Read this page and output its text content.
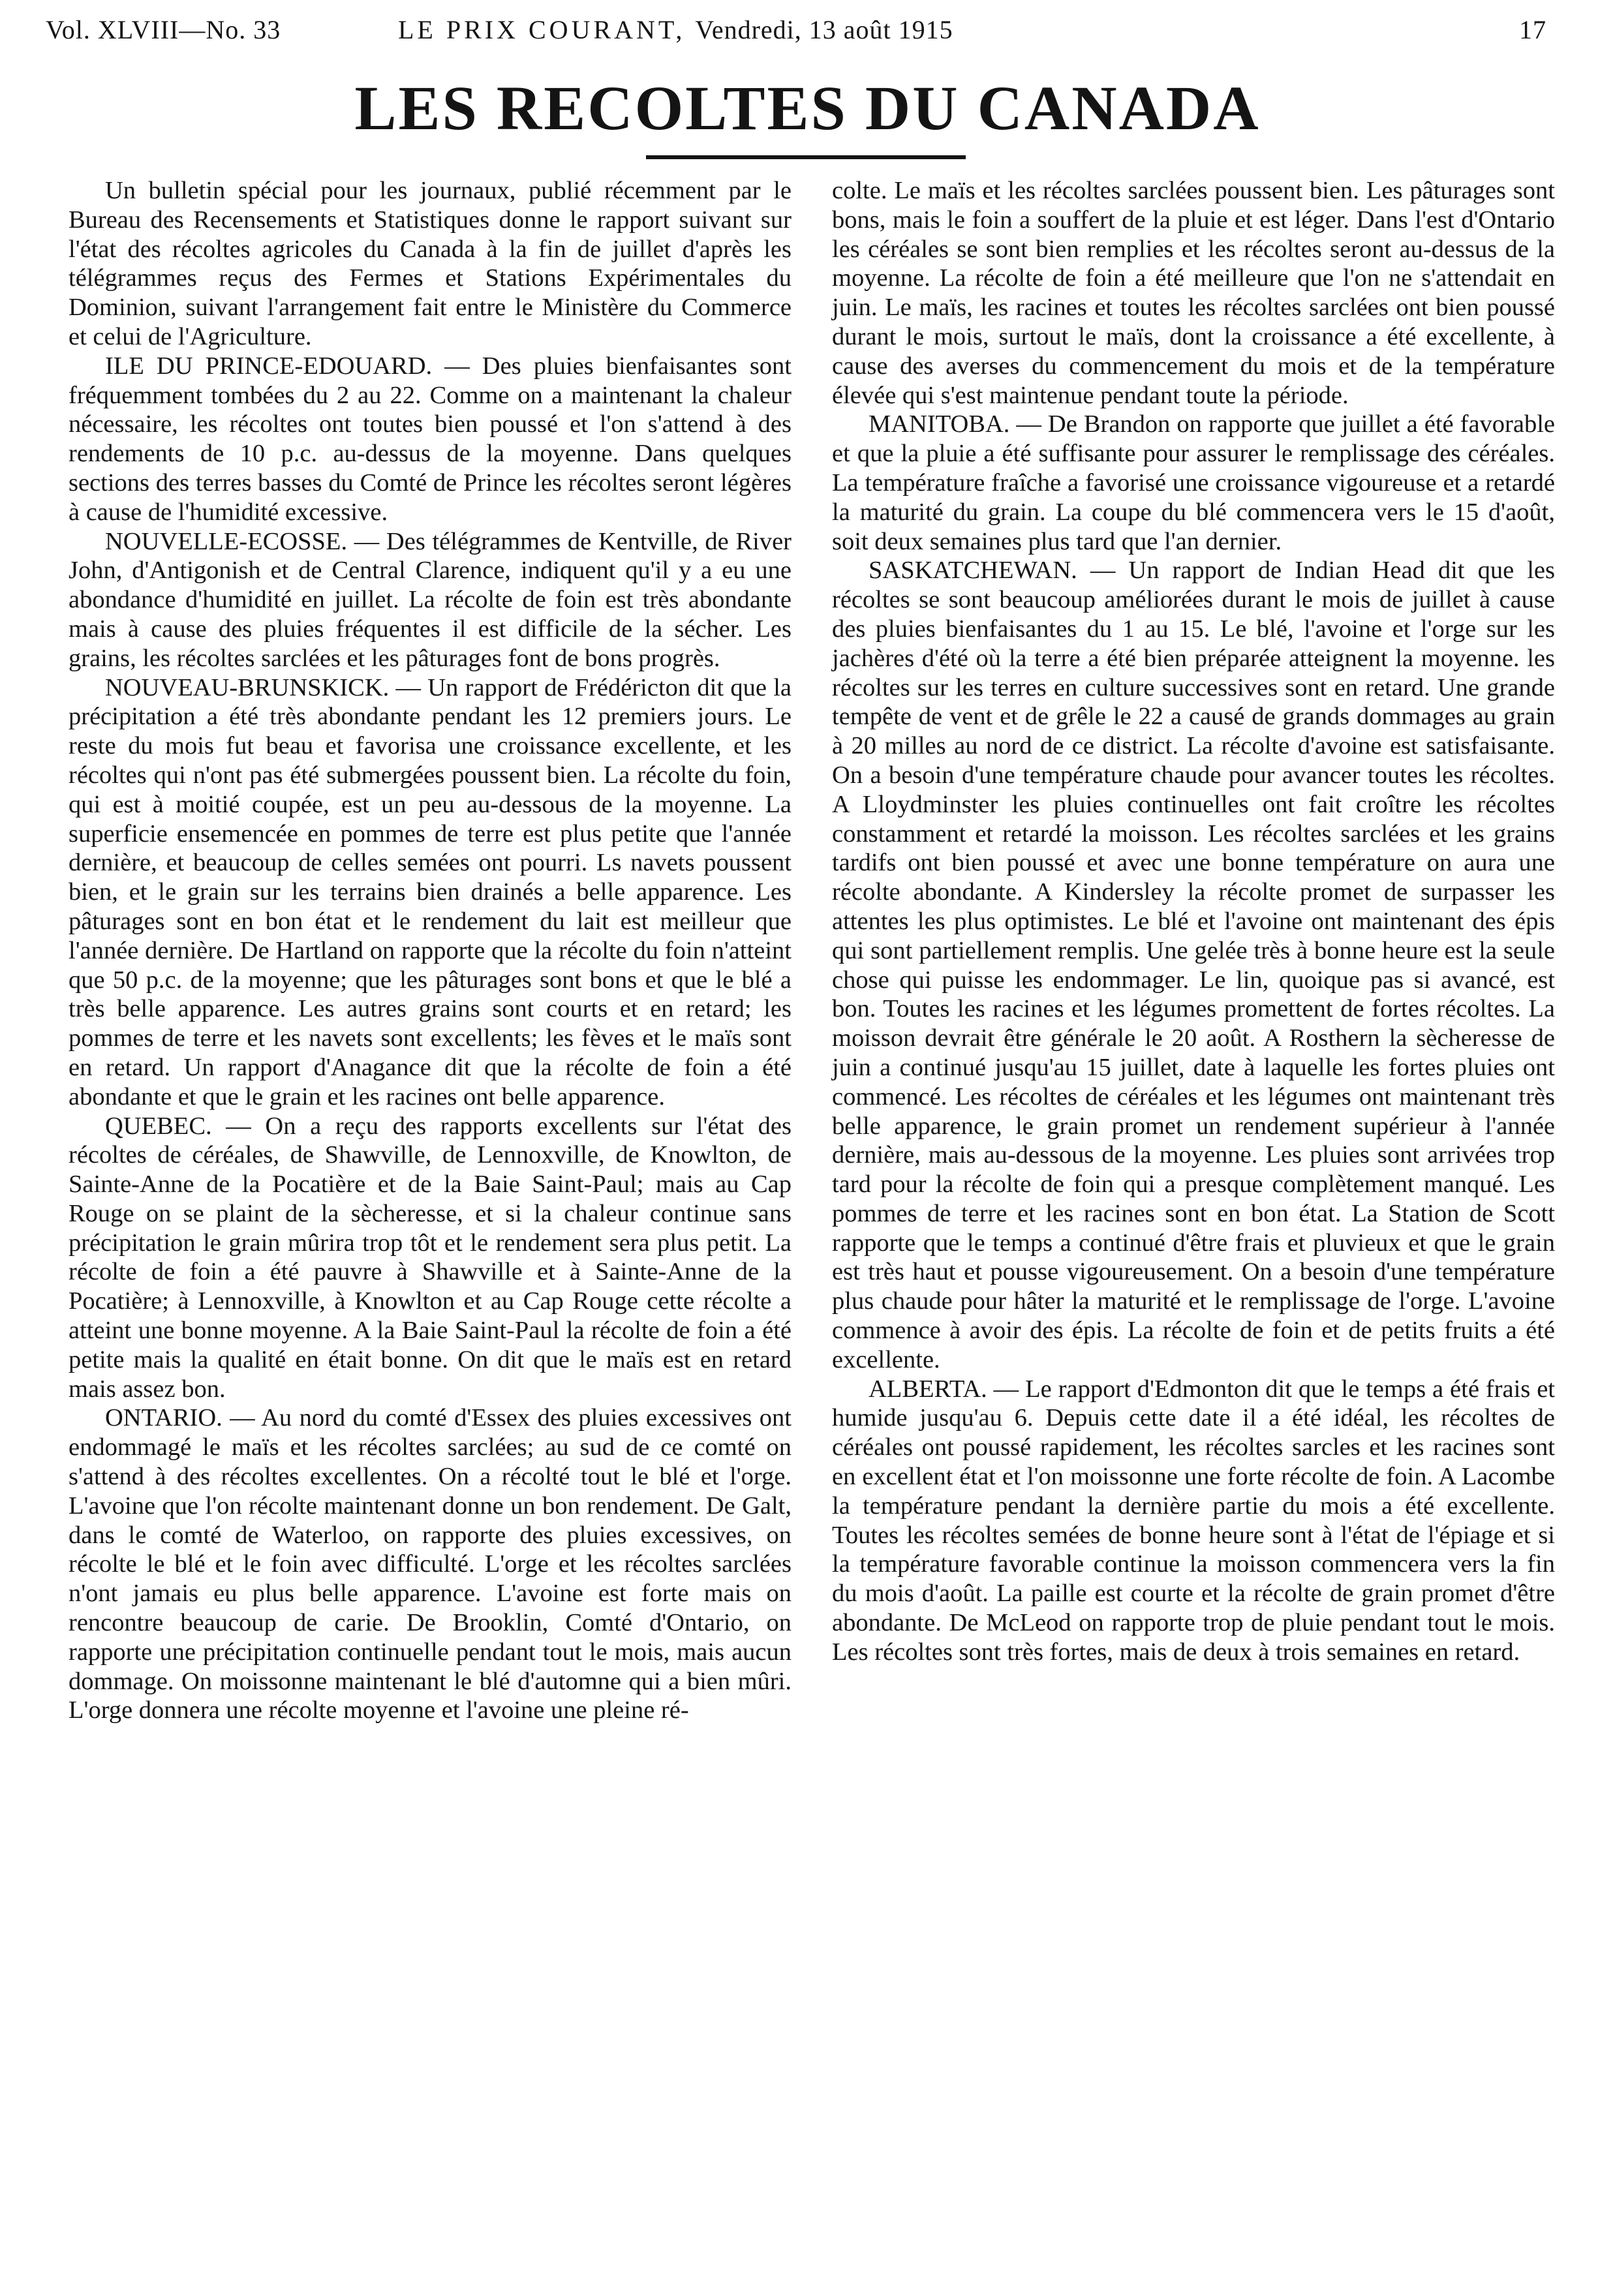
Vol. XLVIII—No. 33	LE PRIX COURANT, Vendredi, 13 août 1915	17
LES RECOLTES DU CANADA

Un bulletin spécial pour les journaux, publié récemment par le Bureau des Recensements et Statistiques donne le rapport suivant sur l'état des récoltes agricoles du Canada à la fin de juillet d'après les télégrammes reçus des Fermes et Stations Expérimentales du Dominion, suivant l'arrangement fait entre le Ministère du Commerce et celui de l'Agriculture.

ILE DU PRINCE-EDOUARD. — Des pluies bienfaisantes sont fréquemment tombées du 2 au 22. Comme on a maintenant la chaleur nécessaire, les récoltes ont toutes bien poussé et l'on s'attend à des rendements de 10 p.c. au-dessus de la moyenne. Dans quelques sections des terres basses du Comté de Prince les récoltes seront légères à cause de l'humidité excessive.

NOUVELLE-ECOSSE. — Des télégrammes de Kentville, de River John, d'Antigonish et de Central Clarence, indiquent qu'il y a eu une abondance d'humidité en juillet. La récolte de foin est très abondante mais à cause des pluies fréquentes il est difficile de la sécher. Les grains, les récoltes sarclées et les pâturages font de bons progrès.

NOUVEAU-BRUNSKICK. — Un rapport de Frédéricton dit que la précipitation a été très abondante pendant les 12 premiers jours. Le reste du mois fut beau et favorisa une croissance excellente, et les récoltes qui n'ont pas été submergées poussent bien. La récolte du foin, qui est à moitié coupée, est un peu au-dessous de la moyenne. La superficie ensemencée en pommes de terre est plus petite que l'année dernière, et beaucoup de celles semées ont pourri. Ls navets poussent bien, et le grain sur les terrains bien drainés a belle apparence. Les pâturages sont en bon état et le rendement du lait est meilleur que l'année dernière. De Hartland on rapporte que la récolte du foin n'atteint que 50 p.c. de la moyenne; que les pâturages sont bons et que le blé a très belle apparence. Les autres grains sont courts et en retard; les pommes de terre et les navets sont excellents; les fèves et le maïs sont en retard. Un rapport d'Anagance dit que la récolte de foin a été abondante et que le grain et les racines ont belle apparence.

QUEBEC. — On a reçu des rapports excellents sur l'état des récoltes de céréales, de Shawville, de Lennoxville, de Knowlton, de Sainte-Anne de la Pocatière et de la Baie Saint-Paul; mais au Cap Rouge on se plaint de la sècheresse, et si la chaleur continue sans précipitation le grain mûrira trop tôt et le rendement sera plus petit. La récolte de foin a été pauvre à Shawville et à Sainte-Anne de la Pocatière; à Lennoxville, à Knowlton et au Cap Rouge cette récolte a atteint une bonne moyenne. A la Baie Saint-Paul la récolte de foin a été petite mais la qualité en était bonne. On dit que le maïs est en retard mais assez bon.

ONTARIO. — Au nord du comté d'Essex des pluies excessives ont endommagé le maïs et les récoltes sarclées; au sud de ce comté on s'attend à des récoltes excellentes. On a récolté tout le blé et l'orge. L'avoine que l'on récolte maintenant donne un bon rendement. De Galt, dans le comté de Waterloo, on rapporte des pluies excessives, on récolte le blé et le foin avec difficulté. L'orge et les récoltes sarclées n'ont jamais eu plus belle apparence. L'avoine est forte mais on rencontre beaucoup de carie. De Brooklin, Comté d'Ontario, on rapporte une précipitation continuelle pendant tout le mois, mais aucun dommage. On moissonne maintenant le blé d'automne qui a bien mûri. L'orge donnera une récolte moyenne et l'avoine une pleine ré-

colte. Le maïs et les récoltes sarclées poussent bien. Les pâturages sont bons, mais le foin a souffert de la pluie et est léger. Dans l'est d'Ontario les céréales se sont bien remplies et les récoltes seront au-dessus de la moyenne. La récolte de foin a été meilleure que l'on ne s'attendait en juin. Le maïs, les racines et toutes les récoltes sarclées ont bien poussé durant le mois, surtout le maïs, dont la croissance a été excellente, à cause des averses du commencement du mois et de la température élevée qui s'est maintenue pendant toute la période.

MANITOBA. — De Brandon on rapporte que juillet a été favorable et que la pluie a été suffisante pour assurer le remplissage des céréales. La température fraîche a favorisé une croissance vigoureuse et a retardé la maturité du grain. La coupe du blé commencera vers le 15 d'août, soit deux semaines plus tard que l'an dernier.

SASKATCHEWAN. — Un rapport de Indian Head dit que les récoltes se sont beaucoup améliorées durant le mois de juillet à cause des pluies bienfaisantes du 1 au 15. Le blé, l'avoine et l'orge sur les jachères d'été où la terre a été bien préparée atteignent la moyenne. les récoltes sur les terres en culture successives sont en retard. Une grande tempête de vent et de grêle le 22 a causé de grands dommages au grain à 20 milles au nord de ce district. La récolte d'avoine est satisfaisante. On a besoin d'une température chaude pour avancer toutes les récoltes. A Lloydminster les pluies continuelles ont fait croître les récoltes constamment et retardé la moisson. Les récoltes sarclées et les grains tardifs ont bien poussé et avec une bonne température on aura une récolte abondante. A Kindersley la récolte promet de surpasser les attentes les plus optimistes. Le blé et l'avoine ont maintenant des épis qui sont partiellement remplis. Une gelée très à bonne heure est la seule chose qui puisse les endommager. Le lin, quoique pas si avancé, est bon. Toutes les racines et les légumes promettent de fortes récoltes. La moisson devrait être générale le 20 août. A Rosthern la sècheresse de juin a continué jusqu'au 15 juillet, date à laquelle les fortes pluies ont commencé. Les récoltes de céréales et les légumes ont maintenant très belle apparence, le grain promet un rendement supérieur à l'année dernière, mais au-dessous de la moyenne. Les pluies sont arrivées trop tard pour la récolte de foin qui a presque complètement manqué. Les pommes de terre et les racines sont en bon état. La Station de Scott rapporte que le temps a continué d'être frais et pluvieux et que le grain est très haut et pousse vigoureusement. On a besoin d'une température plus chaude pour hâter la maturité et le remplissage de l'orge. L'avoine commence à avoir des épis. La récolte de foin et de petits fruits a été excellente.

ALBERTA. — Le rapport d'Edmonton dit que le temps a été frais et humide jusqu'au 6. Depuis cette date il a été idéal, les récoltes de céréales ont poussé rapidement, les récoltes sarcles et les racines sont en excellent état et l'on moissonne une forte récolte de foin. A Lacombe la température pendant la dernière partie du mois a été excellente. Toutes les récoltes semées de bonne heure sont à l'état de l'épiage et si la température favorable continue la moisson commencera vers la fin du mois d'août. La paille est courte et la récolte de grain promet d'être abondante. De McLeod on rapporte trop de pluie pendant tout le mois. Les récoltes sont très fortes, mais de deux à trois semaines en retard.
